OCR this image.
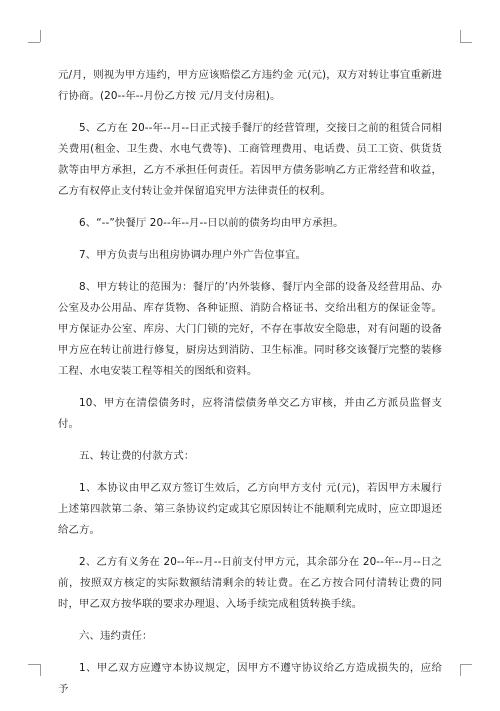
元/月，则视为甲方违约，甲方应该赔偿乙方违约金 元(元)，双方对转让事宜重新进行协商。(20--年--月份乙方按 元/月支付房租)。

5、乙方在 20--年--月--日正式接手餐厅的经营管理，交接日之前的租赁合同相关费用(租金、卫生费、水电气费等)、工商管理费用、电话费、员工工资、供货货款等由甲方承担，乙方不承担任何责任。若因甲方债务影响乙方正常经营和收益，乙方有权停止支付转让金并保留追究甲方法律责任的权利。

6、“--”快餐厅 20--年--月--日以前的债务均由甲方承担。

7、甲方负责与出租房协调办理户外广告位事宜。

8、甲方转让的范围为：餐厅的’内外装修、餐厅内全部的设备及经营用品、办公室及办公用品、库存货物、各种证照、消防合格证书、交给出租方的保证金等。甲方保证办公室、库房、大门门锁的完好，不存在事故安全隐患，对有问题的设备甲方应在转让前进行修复，厨房达到消防、卫生标准。同时移交该餐厅完整的装修工程、水电安装工程等相关的图纸和资料。

10、甲方在清偿债务时，应将清偿债务单交乙方审核，并由乙方派员监督支付。

五、转让费的付款方式：

1、本协议由甲乙双方签订生效后，乙方向甲方支付 元(元)，若因甲方未履行上述第四款第二条、第三条协议约定或其它原因转让不能顺利完成时，应立即退还给乙方。

2、乙方有义务在 20--年--月--日前支付甲方元，其余部分在 20--年--月--日之前，按照双方核定的实际数额结清剩余的转让费。在乙方按合同付清转让费的同时，甲乙双方按华联的要求办理退、入场手续完成租赁转换手续。

六、违约责任：

1、甲乙双方应遵守本协议规定，因甲方不遵守协议给乙方造成损失的，应给予
